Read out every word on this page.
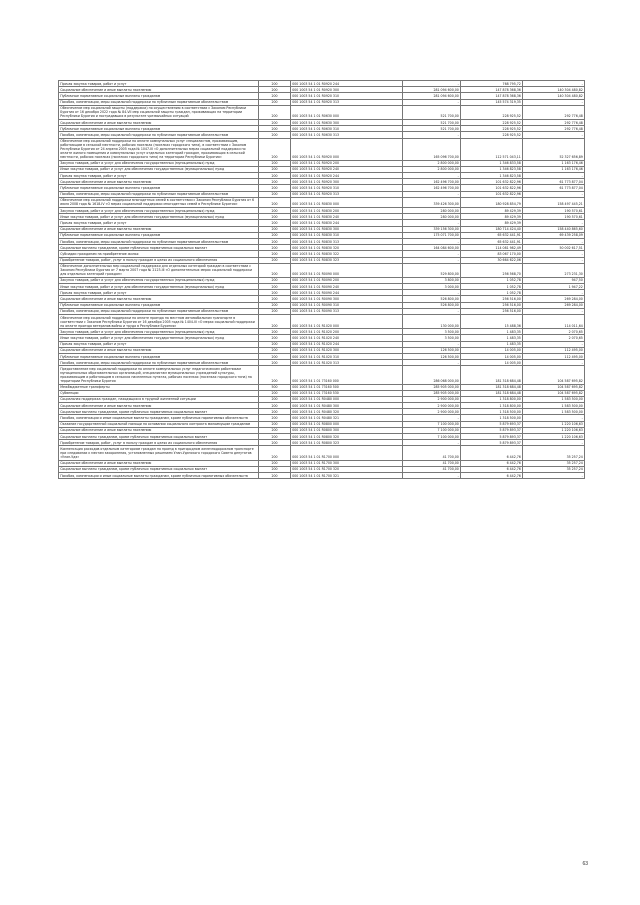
Прочая закупка товаров, работ и услуг	200	000 1003 54 1 01 R0920 244	-	768 795,72	-
Социальное обеспечение и иные выплаты населению	200	000 1003 54 1 01 R0920 300	281 094 600,00	147 878 368,36	140 304 480,82
Публичные нормативные социальные выплаты гражданам	200	000 1003 54 1 01 R0920 310	281 094 600,00	147 878 368,36	140 304 480,82
Пособия, компенсации, меры социальной поддержки по публичным нормативным обязательствам	200	000 1003 54 1 01 R0920 313	-	145 574 319,35	-
Обеспечение мер социальной защиты (поддержки) по осуществлению в соответствии с Законом Республики Бурятия от 16 декабря 2022 года № 84-VII мер социальной защиты граждан, проживающих на территории Республики Бурятия и пострадавших в результате чрезвычайных ситуаций	200	000 1003 54 1 01 R0630 000	521 700,00	228 925,52	292 776,48
Социальное обеспечение и иные выплаты населению	200	000 1003 54 1 01 R0630 300	521 700,00	228 925,52	292 776,48
Публичные нормативные социальные выплаты гражданам	200	000 1003 54 1 01 R0630 310	521 700,00	228 925,52	292 776,48
Пособия, компенсации, меры социальной поддержки по публичным нормативным обязательствам	200	000 1003 54 1 01 R0630 313	-	228 925,52	-
Обеспечение мер социальной поддержки по оплате коммунальных услуг специалистам, проживающим, работающим в сельской местности, рабочих поселках (поселках городского типа), в соответствии с Законом Республики Бурятия от 24 апреля 2005 года № 1047-III «О дополнительных мерах социальной поддержки по оплате жилого помещения и коммунальных услуг отдельных категорий граждан, проживающих в сельской местности, рабочих поселках (поселках городского типа) на территории Республики Бурятия»	200	000 1003 54 1 01 R0920 000	165 096 700,00	112 571 043,11	52 327 656,89
Закупка товаров, работ и услуг для обеспечения государственных (муниципальных) нужд	200	000 1003 54 1 01 R0920 200	2 800 000,00	1 346 833,58	1 163 176,46
Иные закупки товаров, работ и услуг для обеспечения государственных (муниципальных) нужд	200	000 1003 54 1 01 R0920 240	2 800 000,00	1 346 823,58	1 163 176,46
Прочая закупка товаров, работ и услуг	200	000 1003 54 1 01 R0920 244	-	1 346 823,58	-
Социальное обеспечение и иные выплаты населению	200	000 1003 54 1 01 R0920 300	162 496 700,00	101 632 822,96	61 773 877,04
Публичные нормативные социальные выплаты гражданам	200	000 1003 54 1 01 R0920 310	162 496 700,00	101 632 822,96	61 773 877,04
Пособия, компенсации, меры социальной поддержки по публичным нормативным обязательствам	200	000 1003 54 1 01 R0920 313	-	101 632 822,96	-
Обеспечение мер социальной поддержки многодетных семей в соответствии с Законом Республики Бурятия от 6 июля 2008 года № 1618-IV «О мерах социальной поддержки многодетных семей в Республике Бурятия»	200	000 1003 54 1 01 R0830 000	339 426 300,00	180 928 854,79	158 497 445,21
Закупка товаров, работ и услуг для обеспечения государственных (муниципальных) нужд	200	000 1003 54 1 01 R0830 200	280 000,00	89 429,39	190 570,61
Иные закупки товаров, работ и услуг для обеспечения государственных (муниципальных) нужд	200	000 1003 54 1 01 R0830 240	280 000,00	89 429,39	190 570,61
Прочая закупка товаров, работ и услуг	200	000 1003 54 1 01 R0830 244	-	89 429,39	-
Социальное обеспечение и иные выплаты населению	200	000 1003 54 1 01 R0830 300	339 156 300,00	180 714 424,40	158 440 865,60
Публичные нормативные социальные выплаты гражданам	200	000 1003 54 1 01 R0830 310	175 071 700,00	65 632 441,91	69 439 258,09
Пособия, компенсации, меры социальной поддержки по публичным нормативным обязательствам	200	000 1003 54 1 01 R0830 313	-	65 632 441,91	-
Социальные выплаты гражданам, кроме публичных нормативных социальных выплат	200	000 1003 54 1 01 R0830 320	164 084 600,00	114 081 982,49	50 002 617,51
Субсидии гражданам на приобретение жилья	200	000 1003 54 1 01 R0830 322	-	83 067 170,00	-
Приобретение товаров, работ, услуг в пользу граждан в целях их социального обеспечения	200	000 1003 54 1 01 R0830 323	-	30 664 622,06	-
Обеспечение дополнительных мер социальной поддержки для отдельных категорий граждан в соответствии с Законом Республики Бурятия от 7 марта 2007 года № 2123-III «О дополнительных мерах социальной поддержки для отдельных категорий граждан»	200	000 1003 54 1 01 R0090 000	529 800,00	256 568,70	273 231,30
Закупка товаров, работ и услуг для обеспечения государственных (муниципальных) нужд	200	000 1003 54 1 01 R0090 200	3 800,00	1 052,78	947,50
Иные закупки товаров, работ и услуг для обеспечения государственных (муниципальных) нужд	200	000 1003 54 1 01 R0090 240	3 000,00	1 052,78	1 947,22
Прочая закупка товаров, работ и услуг	200	000 1003 54 1 01 R0090 244	-	1 052,78	-
Социальное обеспечение и иные выплаты населению	200	000 1003 54 1 01 R0090 300	526 800,00	256 516,00	269 284,00
Публичные нормативные социальные выплаты гражданам	200	000 1003 54 1 01 R0090 310	526 800,00	256 516,00	269 284,00
Пособия, компенсации, меры социальной поддержки по публичным нормативным обязательствам	200	000 1003 54 1 01 R0090 313	-	256 516,00	-
Обеспечение мер социальной поддержки по оплате проезда на местном автомобильном транспорте в соответствии с Законом Республики Бурятия от 16 декабря 2005 года № 1404-III «О мерах социальной поддержки по оплате проезда ветеранов войны и труда в Республике Бурятия»	200	000 1003 54 1 01 R1020 000	130 000,00	15 488,36	114 011,64
Закупка товаров, работ и услуг для обеспечения государственных (муниципальных) нужд	200	000 1003 54 1 01 R1020 200	3 500,00	1 483,35	2 070,65
Иные закупки товаров, работ и услуг для обеспечения государственных (муниципальных) нужд	200	000 1003 54 1 01 R1020 240	3 500,00	1 483,35	2 070,65
Прочая закупка товаров, работ и услуг	200	000 1003 54 1 01 R1020 244	-	1 483,35	-
Социальное обеспечение и иные выплаты населению	200	000 1003 54 1 01 R1020 300	126 500,00	14 005,00	112 495,00
Публичные нормативные социальные выплаты гражданам	200	000 1003 54 1 01 R1020 310	126 500,00	14 005,00	112 495,00
Пособия, компенсации, меры социальной поддержки по публичным нормативным обязательствам	200	000 1003 54 1 01 R1020 313	-	14 005,00	-
Предоставление мер социальной поддержки по оплате коммунальных услуг педагогическим работникам муниципальных образовательных организаций, специалистам муниципальных учреждений культуры, проживающим и работающим в сельских населенных пунктах, рабочих поселках (поселках городского типа) на территории Республики Бурятия	200	000 1003 54 1 01 73160 000	286 068 000,00	181 318 684,48	104 587 695,82
Межбюджетные трансферты	500	000 1003 54 1 01 73160 500	285 905 000,00	181 318 684,48	104 587 695,82
Субвенции	200	000 1003 54 1 01 73160 530	285 905 000,00	181 318 684,48	104 587 695,82
Социальная поддержка граждан, находящихся в трудной жизненной ситуации	200	000 1003 54 1 01 R0480 000	2 900 000,00	1 318 800,00	1 583 500,00
Социальное обеспечение и иные выплаты населению	200	000 1003 54 1 01 R0480 300	2 900 000,00	1 318 800,00	1 583 500,00
Социальные выплаты гражданам, кроме публичных нормативных социальных выплат	200	000 1003 54 1 01 R0480 320	2 900 000,00	1 318 500,00	1 583 500,00
Пособия, компенсации и иные социальные выплаты гражданам, кроме публичных нормативных обязательств	200	000 1003 54 1 01 R0480 321	-	1 318 500,00	-
Оказание государственной социальной помощи на основании социального контракта малоимущим гражданам	200	000 1003 54 1 01 R0800 000	7 100 000,00	5 879 693,37	1 220 106,63
Социальное обеспечение и иные выплаты населению	200	000 1003 54 1 01 R0800 300	7 100 000,00	5 879 893,37	1 220 106,63
Социальные выплаты гражданам, кроме публичных нормативных социальных выплат	200	000 1003 54 1 01 R0800 320	7 100 000,00	5 879 893,37	1 220 106,63
Приобретение товаров, работ, услуг в пользу граждан в целях их социального обеспечения	200	000 1003 54 1 01 R0800 323	-	5 879 893,37	-
Компенсация расходов отдельным категориям граждан на проезд в пригородном железнодорожном транспорте при следовании к местам захоронения, установленных решением Улан-Удэнского городского Совета депутатов «Улан-Удэ»	200	000 1003 54 1 01 R1700 000	41 700,00	6 442,76	35 257,24
Социальное обеспечение и иные выплаты населению	200	000 1003 54 1 01 R1700 300	41 700,00	6 442,76	35 257,24
Социальные выплаты гражданам, кроме публичных нормативных социальных выплат	200	000 1003 54 1 01 R1700 320	41 700,00	6 442,76	35 257,24
Пособия, компенсации и иные социальные выплаты гражданам, кроме публичных нормативных обязательств	200	000 1003 54 1 01 R1700 321	-	6 442,76	-
63
